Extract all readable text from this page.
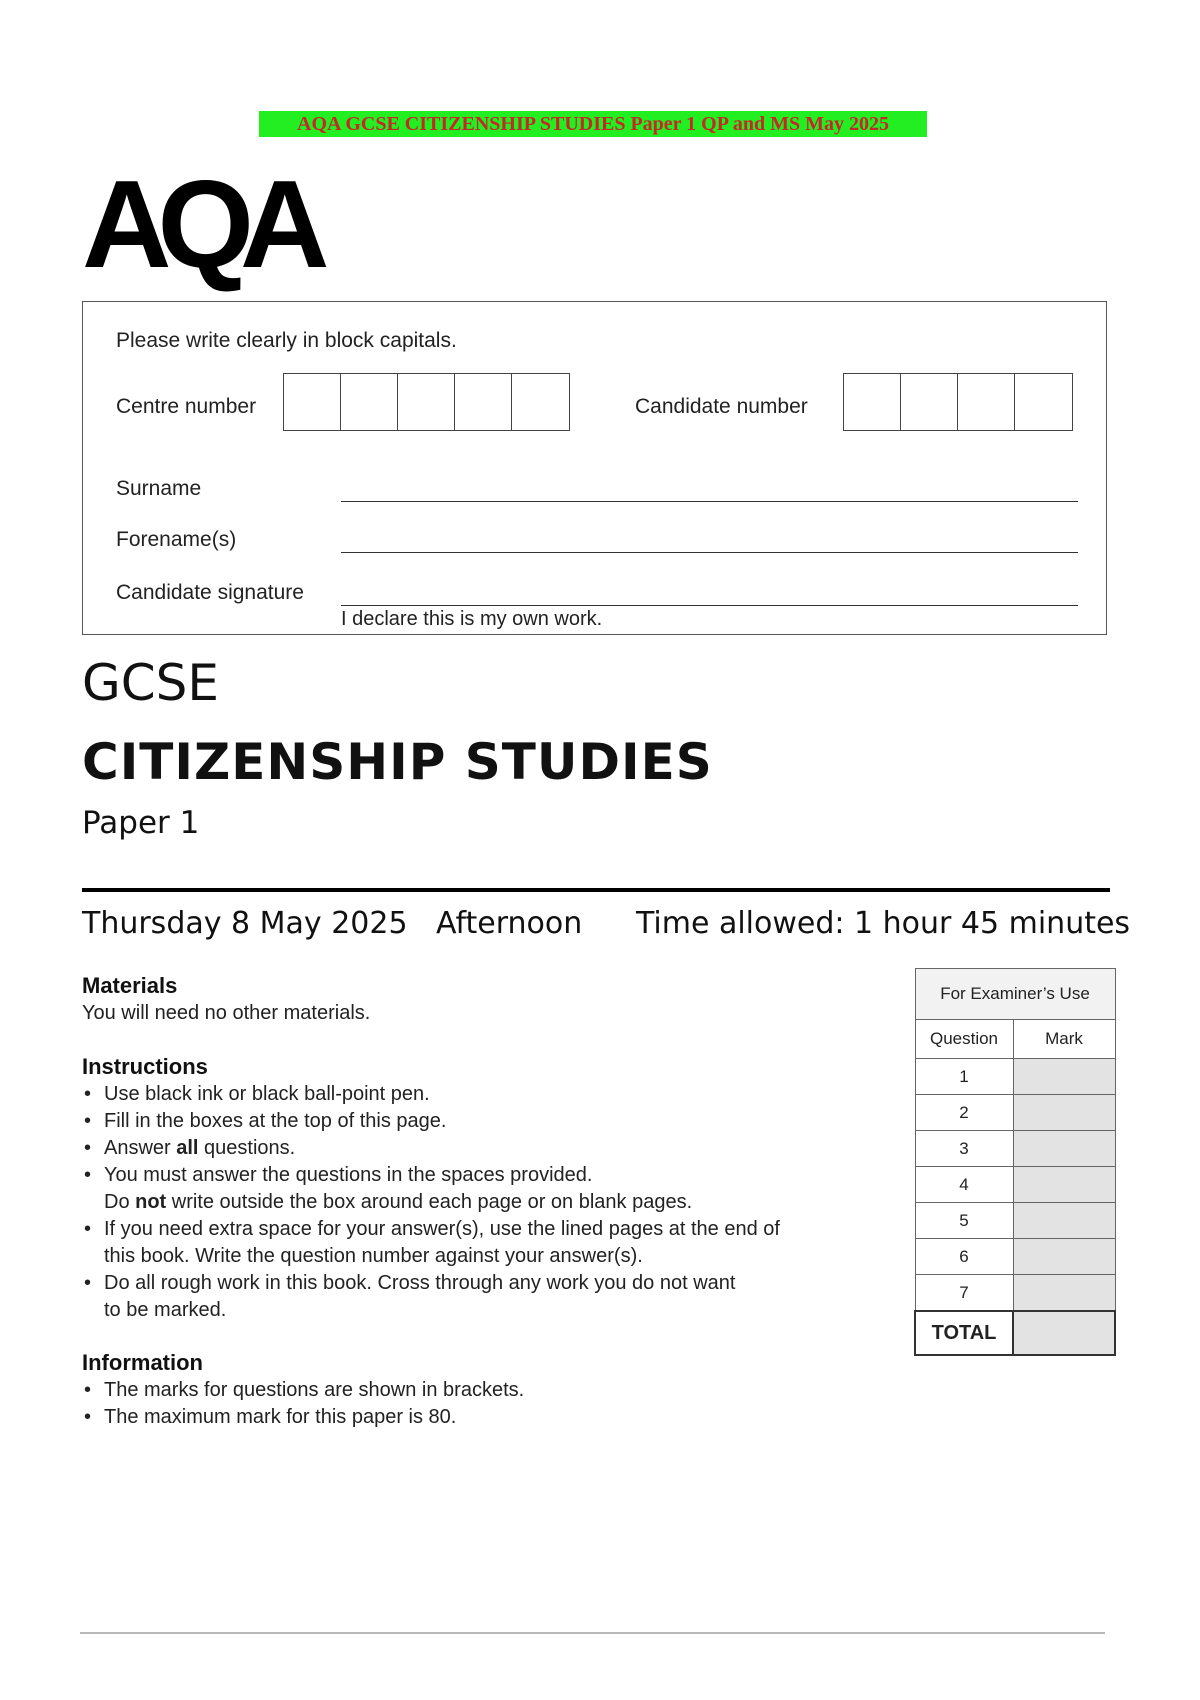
AQA GCSE CITIZENSHIP STUDIES Paper 1 QP and MS May 2025
AQA
Please write clearly in block capitals.
Centre number	Candidate number
Surname
Forename(s)
Candidate signature
I declare this is my own work.
GCSE
CITIZENSHIP STUDIES
Paper 1
Thursday 8 May 2025 Afternoon Time allowed: 1 hour 45 minutes
Materials
You will need no other materials.
Instructions
• Use black ink or black ball-point pen.
• Fill in the boxes at the top of this page.
• Answer all questions.
• You must answer the questions in the spaces provided.
Do not write outside the box around each page or on blank pages.
• If you need extra space for your answer(s), use the lined pages at the end of
this book. Write the question number against your answer(s).
• Do all rough work in this book. Cross through any work you do not want
to be marked.
Information
• The marks for questions are shown in brackets.
• The maximum mark for this paper is 80.
For Examiner’s Use	
Question	Mark
1	
2	
3	
4	
5	
6	
7	
TOTAL	
